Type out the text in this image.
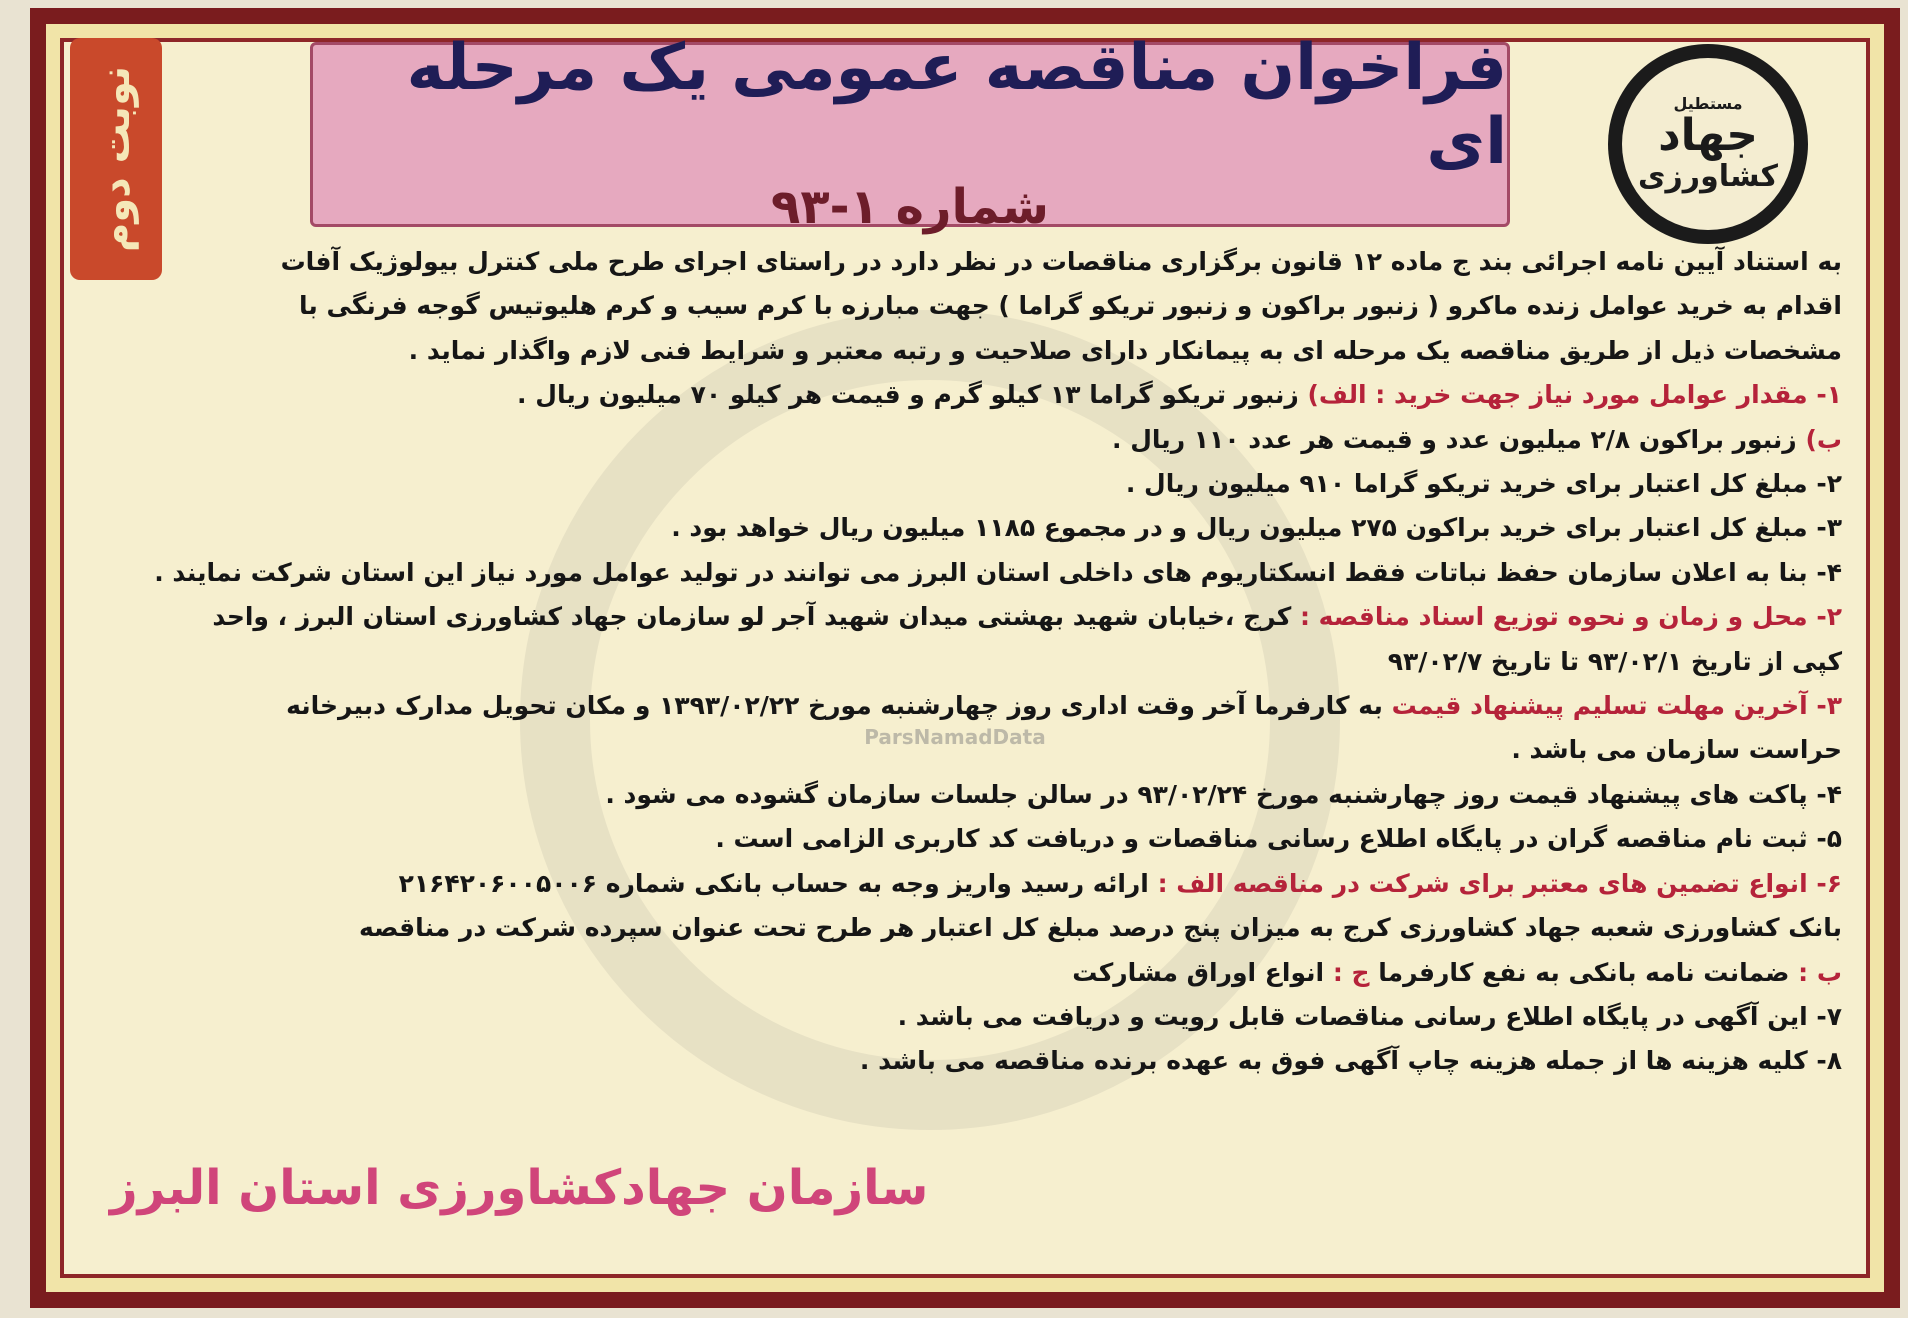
ParsNamadData
نوبت دوم	فراخوان مناقصه عمومی یک مرحله ای
شماره ۱-۹۳
مستطیل
جهاد
کشاورزی

به استناد آیین نامه اجرائی بند ج ماده ۱۲ قانون برگزاری مناقصات در نظر دارد در راستای اجرای طرح ملی کنترل بیولوژیک آفات

اقدام به خرید عوامل زنده ماکرو ( زنبور براکون و زنبور تریکو گراما ) جهت مبارزه با کرم سیب و کرم هلیوتیس گوجه فرنگی با

مشخصات ذیل از طریق مناقصه یک مرحله ای به پیمانکار دارای صلاحیت و رتبه معتبر و شرایط فنی لازم واگذار نماید .

۱- مقدار عوامل مورد نیاز جهت خرید : الف) زنبور تریکو گراما ۱۳ کیلو گرم و قیمت هر کیلو ۷۰ میلیون ریال .

ب) زنبور براکون ۲/۸ میلیون عدد و قیمت هر عدد ۱۱۰ ریال .

۲- مبلغ کل اعتبار برای خرید تریکو گراما ۹۱۰ میلیون ریال .

۳- مبلغ کل اعتبار برای خرید براکون ۲۷۵ میلیون ریال و در مجموع ۱۱۸۵ میلیون ریال خواهد بود .

۴- بنا به اعلان سازمان حفظ نباتات فقط انسکتاریوم های داخلی استان البرز می توانند در تولید عوامل مورد نیاز این استان شرکت نمایند .

۲- محل و زمان و نحوه توزیع اسناد مناقصه : کرج ،خیابان شهید بهشتی میدان شهید آجر لو سازمان جهاد کشاورزی استان البرز ، واحد

کپی از تاریخ ۹۳/۰۲/۱ تا تاریخ ۹۳/۰۲/۷

۳- آخرین مهلت تسلیم پیشنهاد قیمت به کارفرما آخر وقت اداری روز چهارشنبه مورخ ۱۳۹۳/۰۲/۲۲ و مکان تحویل مدارک دبیرخانه

حراست سازمان می باشد .

۴- پاکت های پیشنهاد قیمت روز چهارشنبه مورخ ۹۳/۰۲/۲۴ در سالن جلسات سازمان گشوده می شود .

۵- ثبت نام مناقصه گران در پایگاه اطلاع رسانی مناقصات و دریافت کد کاربری الزامی است .

۶- انواع تضمین های معتبر برای شرکت در مناقصه الف : ارائه رسید واریز وجه به حساب بانکی شماره ۲۱۶۴۲۰۶۰۰۵۰۰۶

بانک کشاورزی شعبه جهاد کشاورزی کرج به میزان پنج درصد مبلغ کل اعتبار هر طرح تحت عنوان سپرده شرکت در مناقصه

ب : ضمانت نامه بانکی به نفع کارفرما ج : انواع اوراق مشارکت

۷- این آگهی در پایگاه اطلاع رسانی مناقصات قابل رویت و دریافت می باشد .

۸- کلیه هزینه ها از جمله هزینه چاپ آگهی فوق به عهده برنده مناقصه می باشد .

سازمان جهادکشاورزی استان البرز
